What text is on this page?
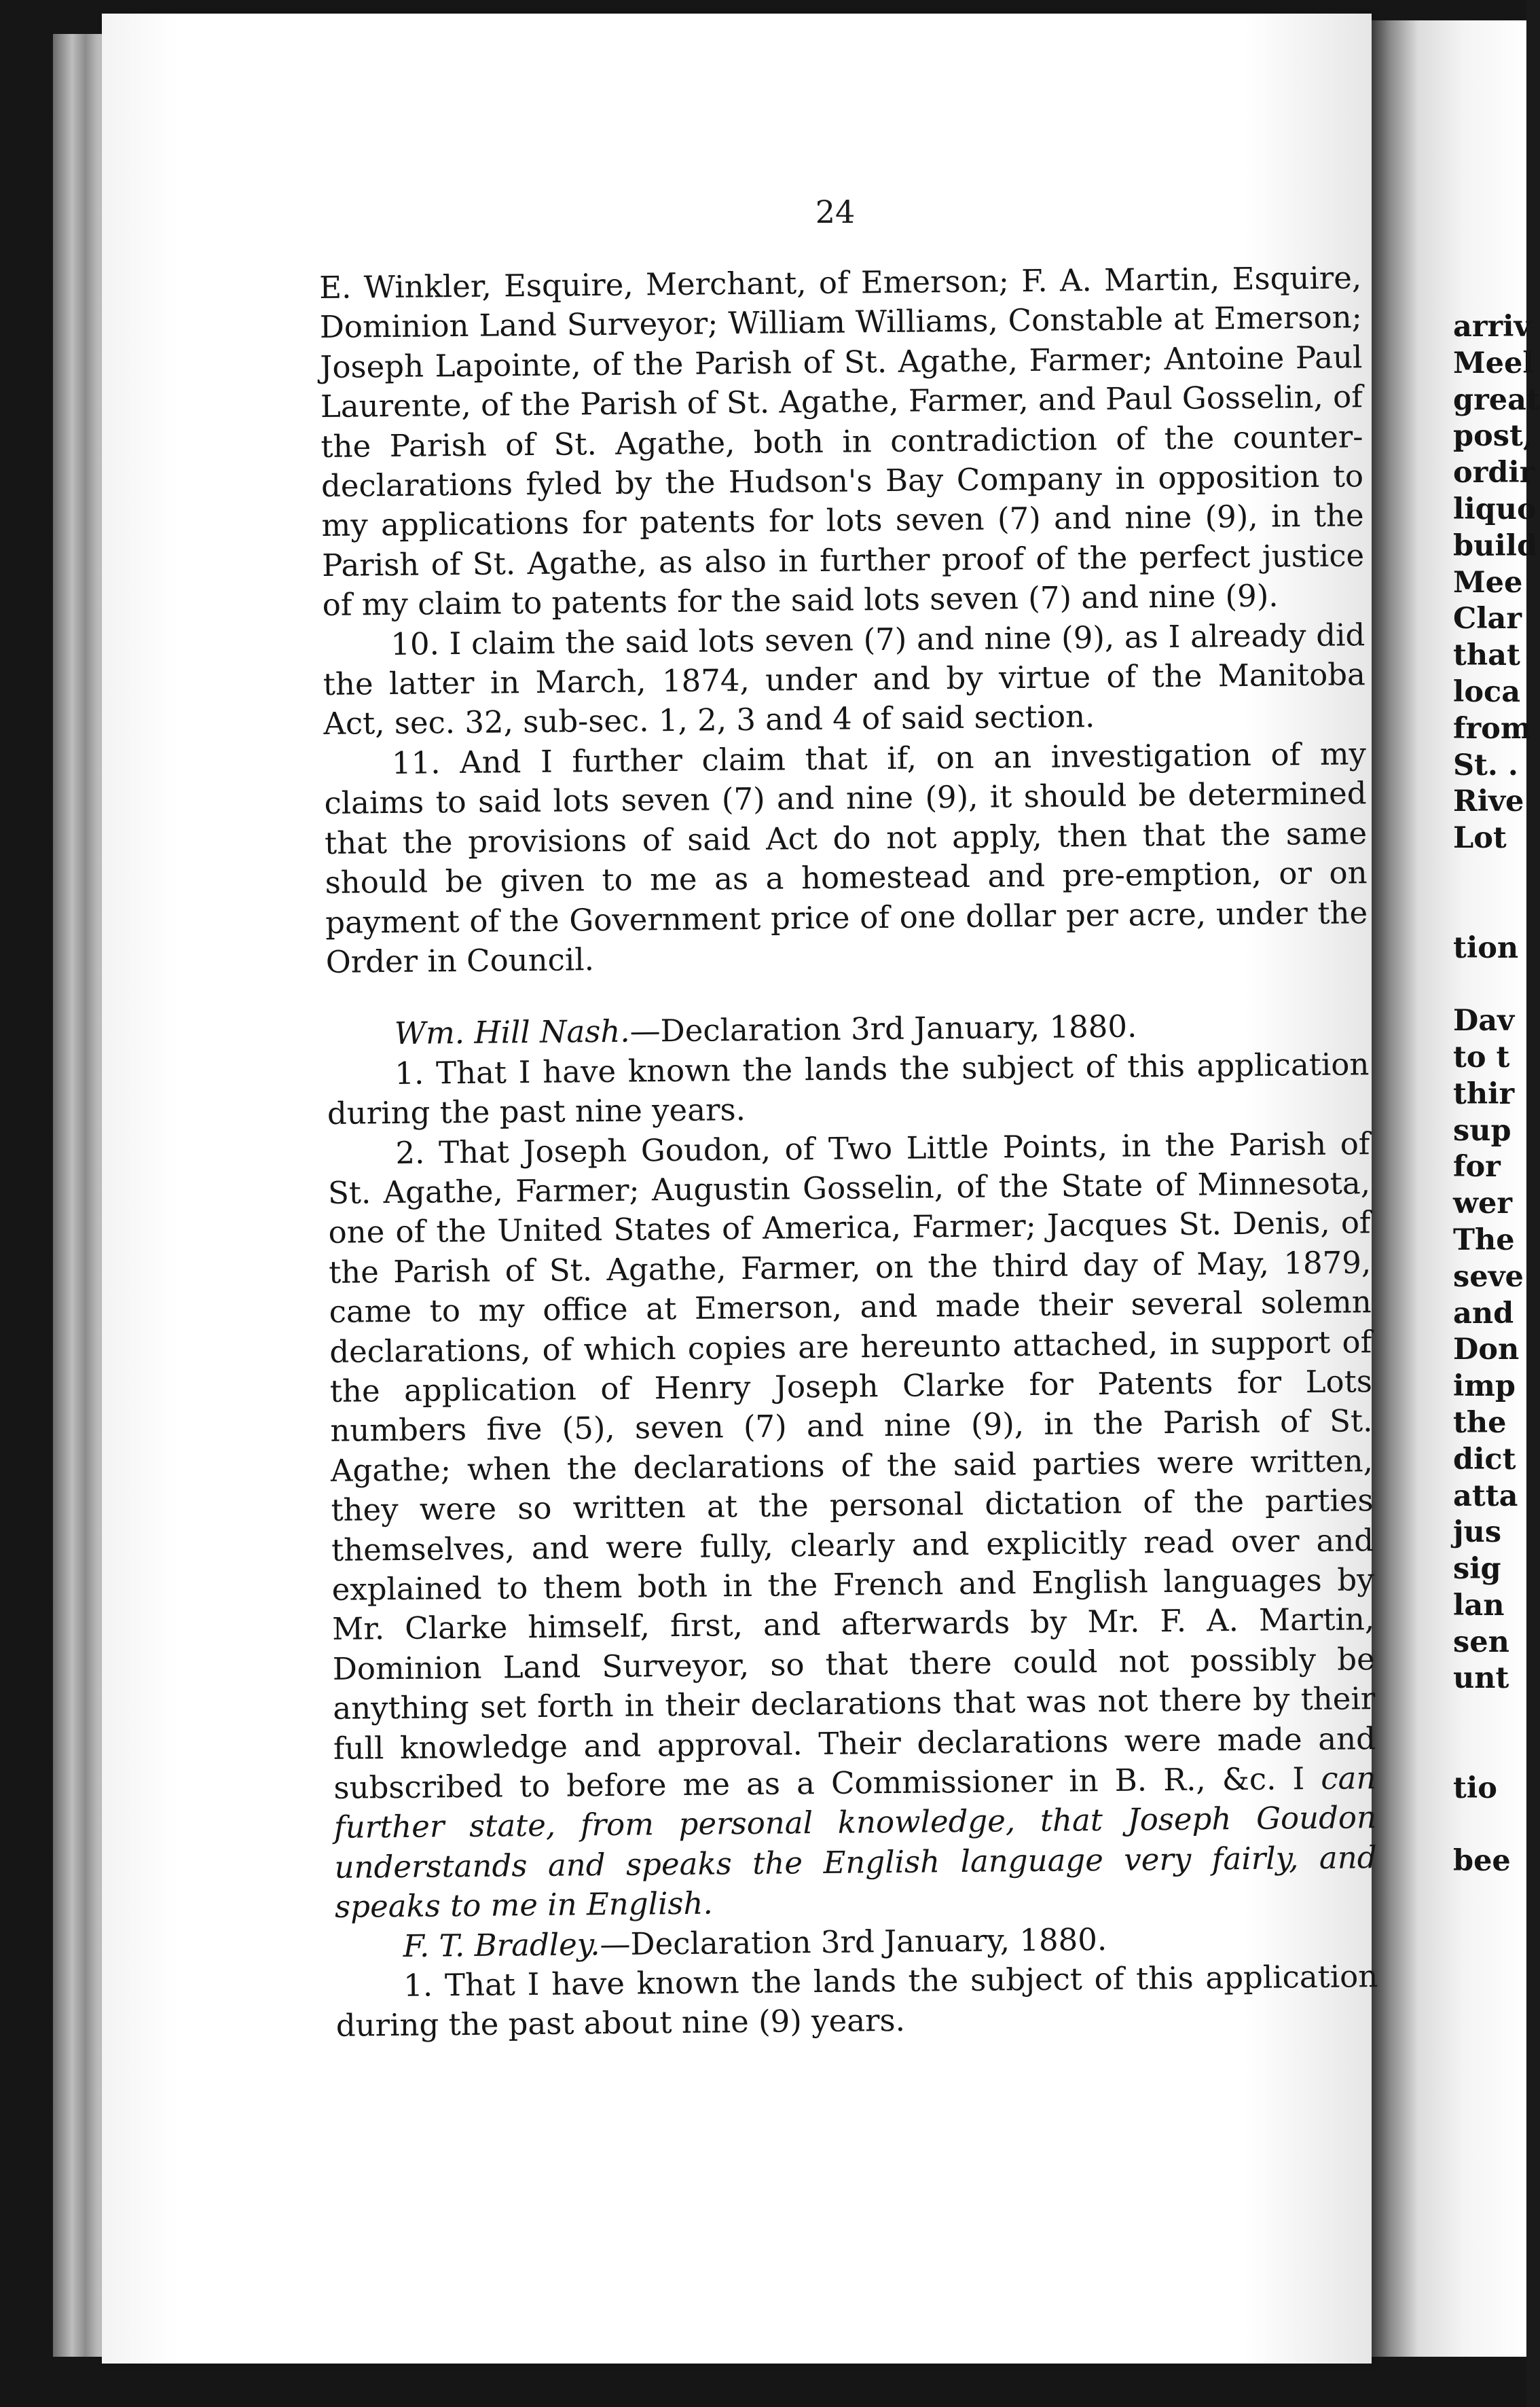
24

E. Winkler, Esquire, Merchant, of Emerson; F. A. Martin, Esquire, Dominion Land Surveyor; William Williams, Constable at Emerson; Joseph Lapointe, of the Parish of St. Agathe, Farmer; Antoine Paul Laurente, of the Parish of St. Agathe, Farmer, and Paul Gosselin, of the Parish of St. Agathe, both in contradiction of the counter-declarations fyled by the Hudson's Bay Company in opposition to my applications for patents for lots seven (7) and nine (9), in the Parish of St. Agathe, as also in further proof of the perfect justice of my claim to patents for the said lots seven (7) and nine (9).

10. I claim the said lots seven (7) and nine (9), as I already did the latter in March, 1874, under and by virtue of the Manitoba Act, sec. 32, sub-sec. 1, 2, 3 and 4 of said section.

11. And I further claim that if, on an investigation of my claims to said lots seven (7) and nine (9), it should be determined that the provisions of said Act do not apply, then that the same should be given to me as a homestead and pre-emption, or on payment of the Government price of one dollar per acre, under the Order in Council.

Wm. Hill Nash.—Declaration 3rd January, 1880.

1. That I have known the lands the subject of this application during the past nine years.

2. That Joseph Goudon, of Two Little Points, in the Parish of St. Agathe, Farmer; Augustin Gosselin, of the State of Minnesota, one of the United States of America, Farmer; Jacques St. Denis, of the Parish of St. Agathe, Farmer, on the third day of May, 1879, came to my office at Emerson, and made their several solemn declarations, of which copies are hereunto attached, in support of the application of Henry Joseph Clarke for Patents for Lots numbers five (5), seven (7) and nine (9), in the Parish of St. Agathe; when the declarations of the said parties were written, they were so written at the personal dictation of the parties themselves, and were fully, clearly and explicitly read over and explained to them both in the French and English languages by Mr. Clarke himself, first, and afterwards by Mr. F. A. Martin, Dominion Land Surveyor, so that there could not possibly be anything set forth in their declarations that was not there by their full knowledge and approval. Their declarations were made and subscribed to before me as a Commissioner in B. R., &c. I can further state, from personal knowledge, that Joseph Goudon understands and speaks the English language very fairly, and speaks to me in English.

F. T. Bradley.—Declaration 3rd January, 1880.

1. That I have known the lands the subject of this application during the past about nine (9) years.

arriv
Meel
great
post,
ordir
liquo
build
Mee
Clar
that
loca
from
St. .
Rive
Lot
tion
Dav
to t
thir
sup
for
wer
The
seve
and
Don
imp
the
dict
atta
jus
sig
lan
sen
unt
tio
bee
